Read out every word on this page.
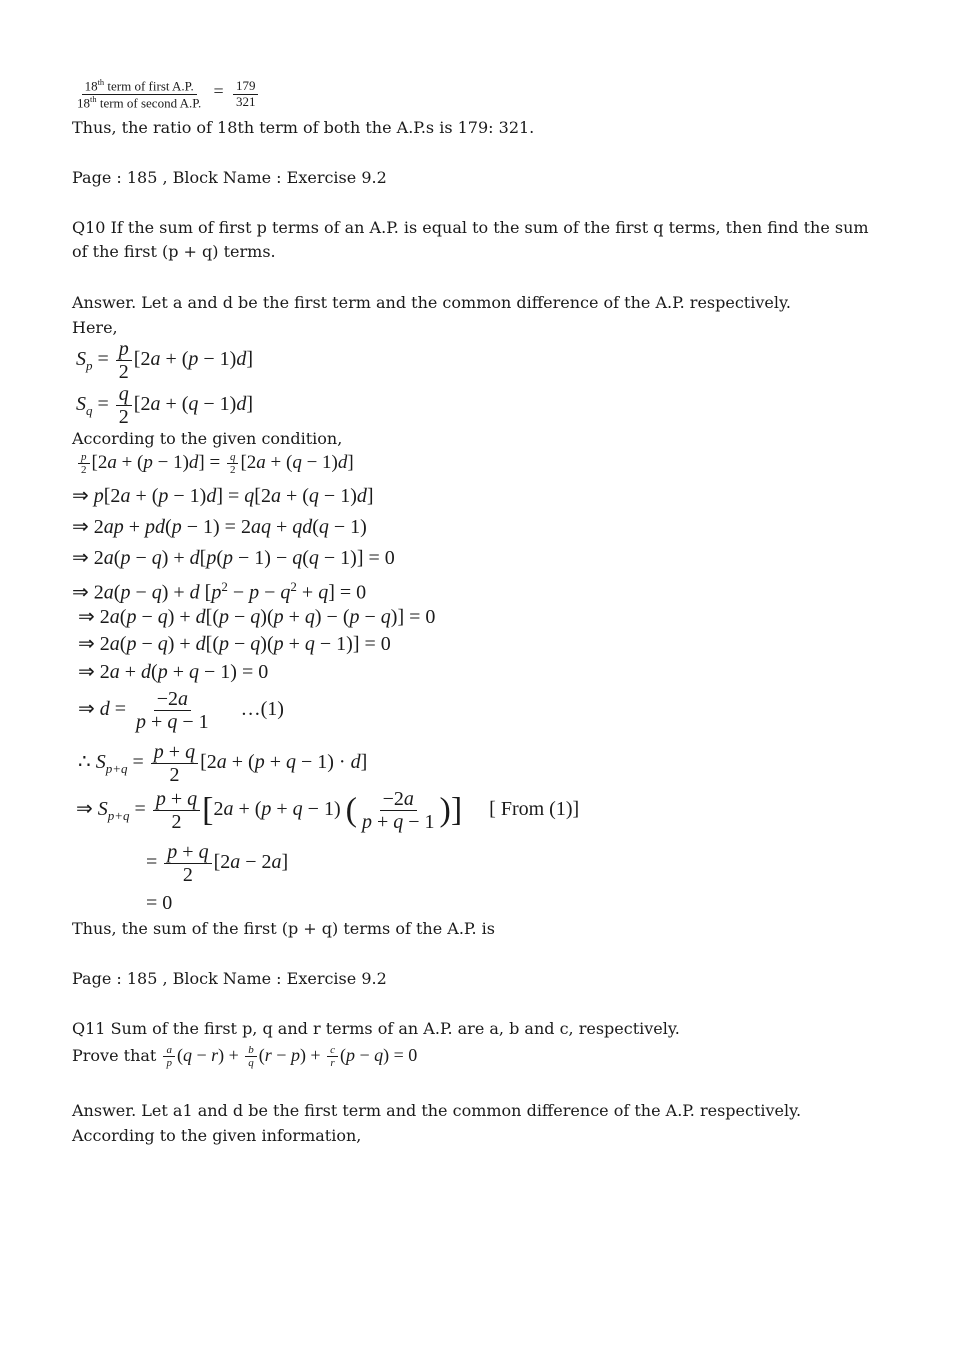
$\frac{18^{th} term of first A.P.}{18^{th} term of second A.P.} = \frac{179}{321}$
Thus, the ratio of 18th term of both the A.P.s is 179: 321.
Page : 185 , Block Name : Exercise 9.2
Q10 If the sum of first p terms of an A.P. is equal to the sum of the first q terms, then find the sum of the first (p + q) terms.
Answer. Let a and d be the first term and the common difference of the A.P. respectively.
Here,
$S_p = \frac{p}{2} [2a + (p - 1)d]$
$S_q = \frac{q}{2} [2a + (q - 1)d]$
According to the given condition,
$\frac{p}{2} [2a + (p - 1)d] = \frac{q}{2} [2a + (q - 1)d]$
⇒ p[2a + (p − 1)d] = q[2a + (q − 1)d]
⇒ 2ap + pd(p − 1) = 2aq + qd(q − 1)
⇒ 2a(p − q) + d[p(p − 1) − q(q − 1)] = 0
⇒ 2a(p − q) + d $[p^2 - p - q^2 + q] = 0$
⇒ 2a(p − q) + d[(p − q)(p + q) − (p − q)] = 0
⇒ 2a(p − q) + d[(p − q)(p + q − 1)] = 0
⇒ 2a + d(p + q − 1) = 0
⇒ $d = \frac{-2a}{p + q - 1}$ …(1)
∴ $S_{p+q} = \frac{p + q}{2} [2a + (p + q - 1) \cdot d]$
⇒ $S_{p+q} = \frac{p + q}{2} [2a + (p + q - 1)$ ( $\frac{-2a}{p + q - 1}$ )] [ From (1)]
= $\frac{p + q}{2} [2a - 2a]$
= 0
Thus, the sum of the first (p + q) terms of the A.P. is
Page : 185 , Block Name : Exercise 9.2
Q11 Sum of the first p, q and r terms of an A.P. are a, b and c, respectively.
Prove that $\frac{a}{p} (q - r) + \frac{b}{q} (r - p) + \frac{c}{r} (p - q) = 0$
Answer. Let a1 and d be the first term and the common difference of the A.P. respectively.
According to the given information,
